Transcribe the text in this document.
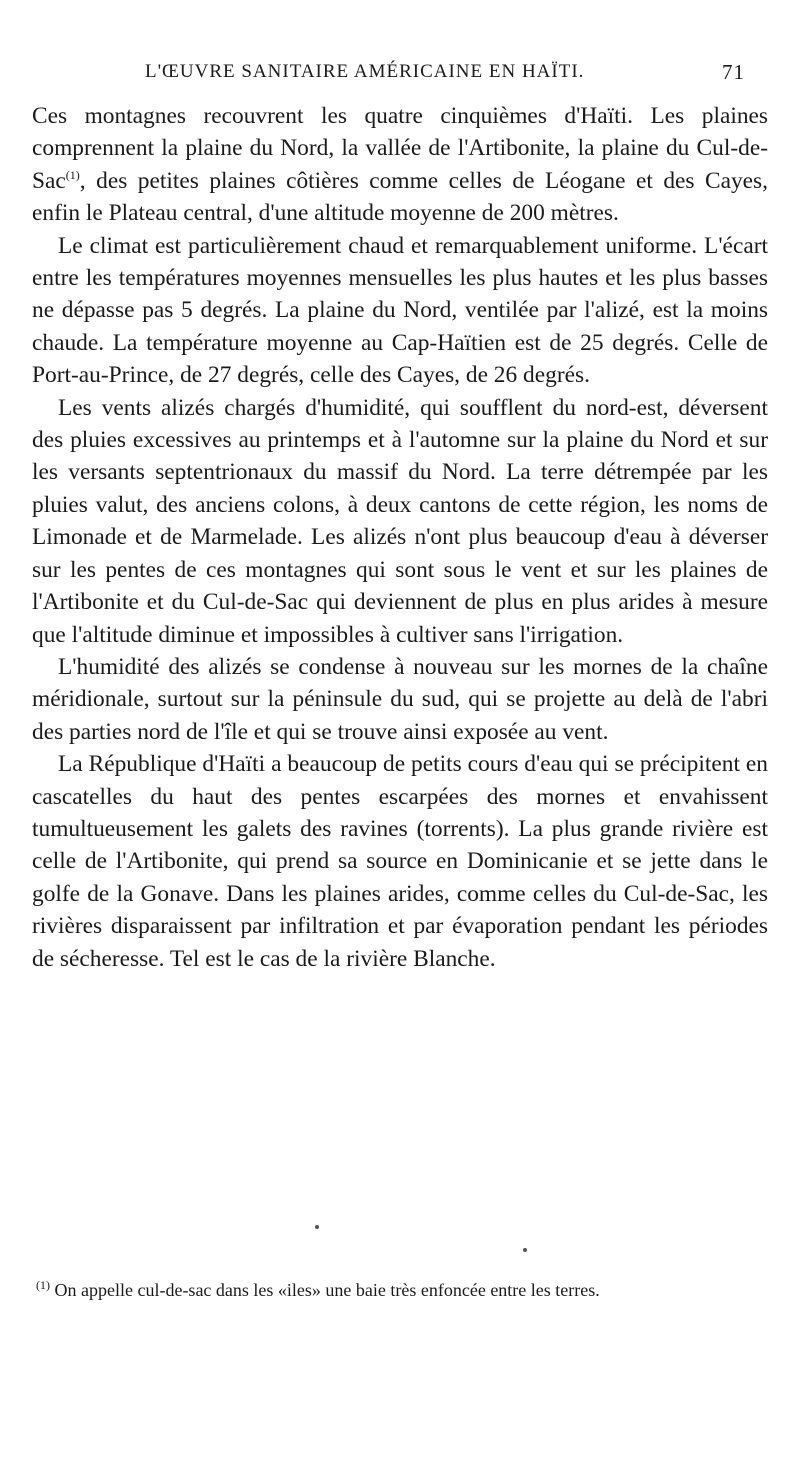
L'ŒUVRE SANITAIRE AMÉRICAINE EN HAÏTI.	71

Ces montagnes recouvrent les quatre cinquièmes d'Haïti. Les plaines comprennent la plaine du Nord, la vallée de l'Artibonite, la plaine du Cul-de-Sac$^{(1)}$, des petites plaines côtières comme celles de Léogane et des Cayes, enfin le Plateau central, d'une altitude moyenne de 200 mètres.

Le climat est particulièrement chaud et remarquablement uniforme. L'écart entre les températures moyennes mensuelles les plus hautes et les plus basses ne dépasse pas 5 degrés. La plaine du Nord, ventilée par l'alizé, est la moins chaude. La température moyenne au Cap-Haïtien est de 25 degrés. Celle de Port-au-Prince, de 27 degrés, celle des Cayes, de 26 degrés.

Les vents alizés chargés d'humidité, qui soufflent du nord-est, déversent des pluies excessives au printemps et à l'automne sur la plaine du Nord et sur les versants septentrionaux du massif du Nord. La terre détrempée par les pluies valut, des anciens colons, à deux cantons de cette région, les noms de Limonade et de Marmelade. Les alizés n'ont plus beaucoup d'eau à déverser sur les pentes de ces montagnes qui sont sous le vent et sur les plaines de l'Artibonite et du Cul-de-Sac qui deviennent de plus en plus arides à mesure que l'altitude diminue et impossibles à cultiver sans l'irrigation.

L'humidité des alizés se condense à nouveau sur les mornes de la chaîne méridionale, surtout sur la péninsule du sud, qui se projette au delà de l'abri des parties nord de l'île et qui se trouve ainsi exposée au vent.

La République d'Haïti a beaucoup de petits cours d'eau qui se précipitent en cascatelles du haut des pentes escarpées des mornes et envahissent tumultueusement les galets des ravines (torrents). La plus grande rivière est celle de l'Artibonite, qui prend sa source en Dominicanie et se jette dans le golfe de la Gonave. Dans les plaines arides, comme celles du Cul-de-Sac, les rivières disparaissent par infiltration et par évaporation pendant les périodes de sécheresse. Tel est le cas de la rivière Blanche.

$^{(1)}$ On appelle cul-de-sac dans les «iles» une baie très enfoncée entre les terres.
